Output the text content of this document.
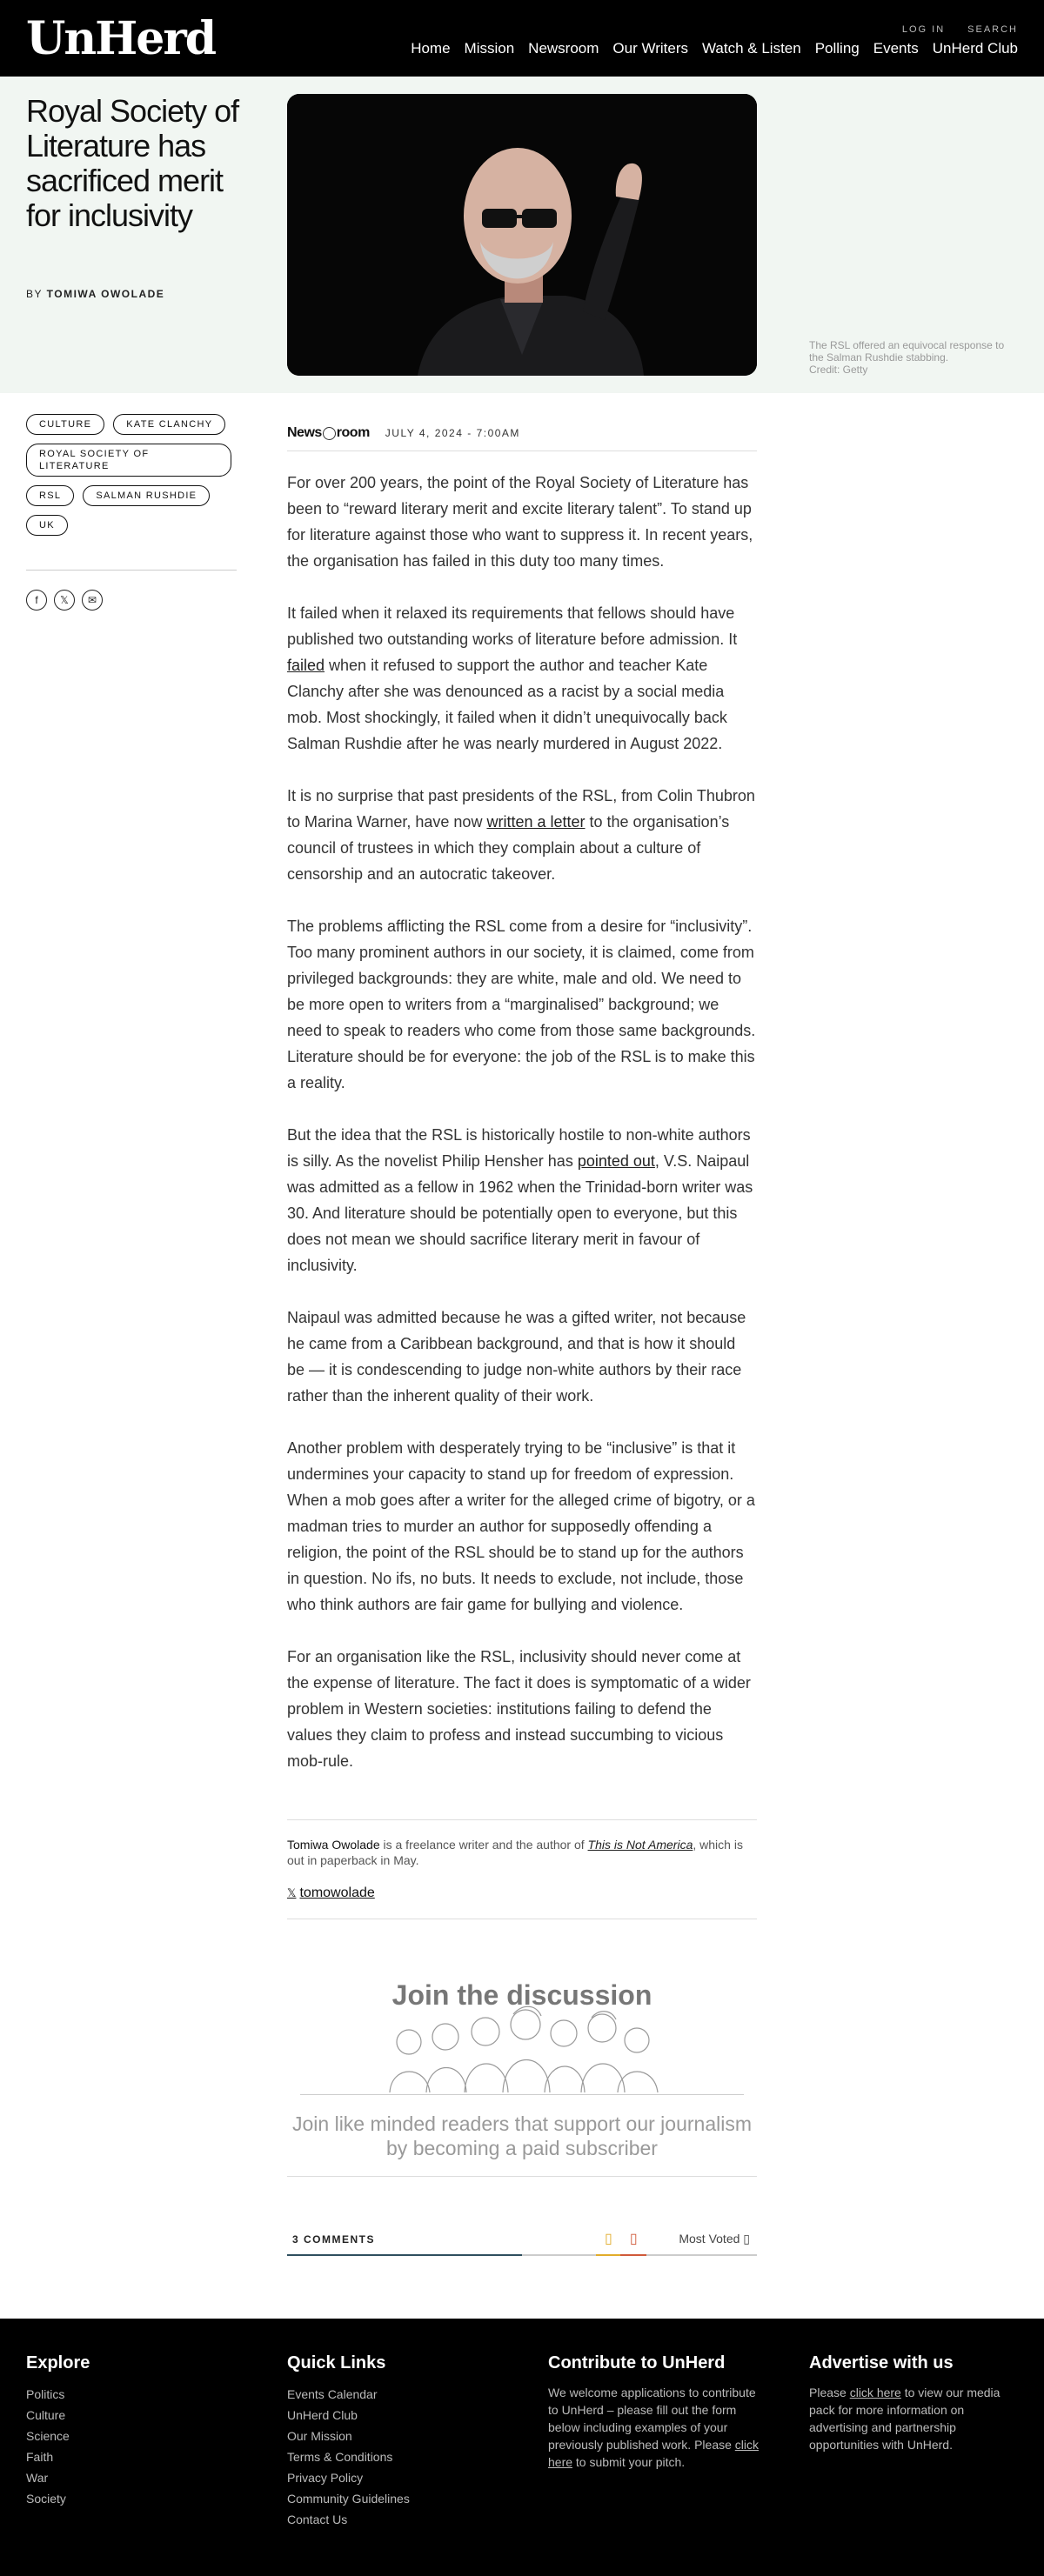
UnHerd	LOG IN SEARCH
Home Mission Newsroom Our Writers Watch & Listen Polling Events UnHerd Club
Royal Society of Literature has sacrificed merit for inclusivity
BY TOMIWA OWOLADE
The RSL offered an equivocal response to the Salman Rushdie stabbing.
Credit: Getty
CULTURE	KATE CLANCHY
ROYAL SOCIETY OF LITERATURE
RSL	SALMAN RUSHDIE
UK
f	𝕏	✉
News room JULY 4, 2024 - 7:00AM

For over 200 years, the point of the Royal Society of Literature has been to “reward literary merit and excite literary talent”. To stand up for literature against those who want to suppress it. In recent years, the organisation has failed in this duty too many times.

It failed when it relaxed its requirements that fellows should have published two outstanding works of literature before admission. It failed when it refused to support the author and teacher Kate Clanchy after she was denounced as a racist by a social media mob. Most shockingly, it failed when it didn’t unequivocally back Salman Rushdie after he was nearly murdered in August 2022.

It is no surprise that past presidents of the RSL, from Colin Thubron to Marina Warner, have now written a letter to the organisation’s council of trustees in which they complain about a culture of censorship and an autocratic takeover.

The problems afflicting the RSL come from a desire for “inclusivity”. Too many prominent authors in our society, it is claimed, come from privileged backgrounds: they are white, male and old. We need to be more open to writers from a “marginalised” background; we need to speak to readers who come from those same backgrounds. Literature should be for everyone: the job of the RSL is to make this a reality.

But the idea that the RSL is historically hostile to non-white authors is silly. As the novelist Philip Hensher has pointed out, V.S. Naipaul was admitted as a fellow in 1962 when the Trinidad-born writer was 30. And literature should be potentially open to everyone, but this does not mean we should sacrifice literary merit in favour of inclusivity.

Naipaul was admitted because he was a gifted writer, not because he came from a Caribbean background, and that is how it should be — it is condescending to judge non-white authors by their race rather than the inherent quality of their work.

Another problem with desperately trying to be “inclusive” is that it undermines your capacity to stand up for freedom of expression. When a mob goes after a writer for the alleged crime of bigotry, or a madman tries to murder an author for supposedly offending a religion, the point of the RSL should be to stand up for the authors in question. No ifs, no buts. It needs to exclude, not include, those who think authors are fair game for bullying and violence.

For an organisation like the RSL, inclusivity should never come at the expense of literature. The fact it does is symptomatic of a wider problem in Western societies: institutions failing to defend the values they claim to profess and instead succumbing to vicious mob-rule.

Tomiwa Owolade is a freelance writer and the author of This is Not America, which is out in paperback in May.
𝕏 tomowolade
Join the discussion
Join like minded readers that support our journalism by becoming a paid subscriber
3 COMMENTS	▯ ▯	Most Voted ▯
Explore
Politics
Culture
Science
Faith
War
Society
Quick Links
Events Calendar
UnHerd Club
Our Mission
Terms & Conditions
Privacy Policy
Community Guidelines
Contact Us
Contribute to UnHerd

We welcome applications to contribute to UnHerd – please fill out the form below including examples of your previously published work. Please click here to submit your pitch.

Advertise with us

Please click here to view our media pack for more information on advertising and partnership opportunities with UnHerd.
